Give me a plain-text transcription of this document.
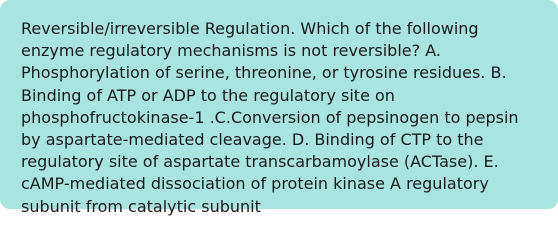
Reversible/irreversible Regulation. Which of the following enzyme regulatory mechanisms is not reversible? A. Phosphorylation of serine, threonine, or tyrosine residues. B. Binding of ATP or ADP to the regulatory site on phosphofructokinase-1 .C.Conversion of pepsinogen to pepsin by aspartate-mediated cleavage. D. Binding of CTP to the regulatory site of aspartate transcarbamoylase (ACTase). E. cAMP-mediated dissociation of protein kinase A regulatory subunit from catalytic subunit
